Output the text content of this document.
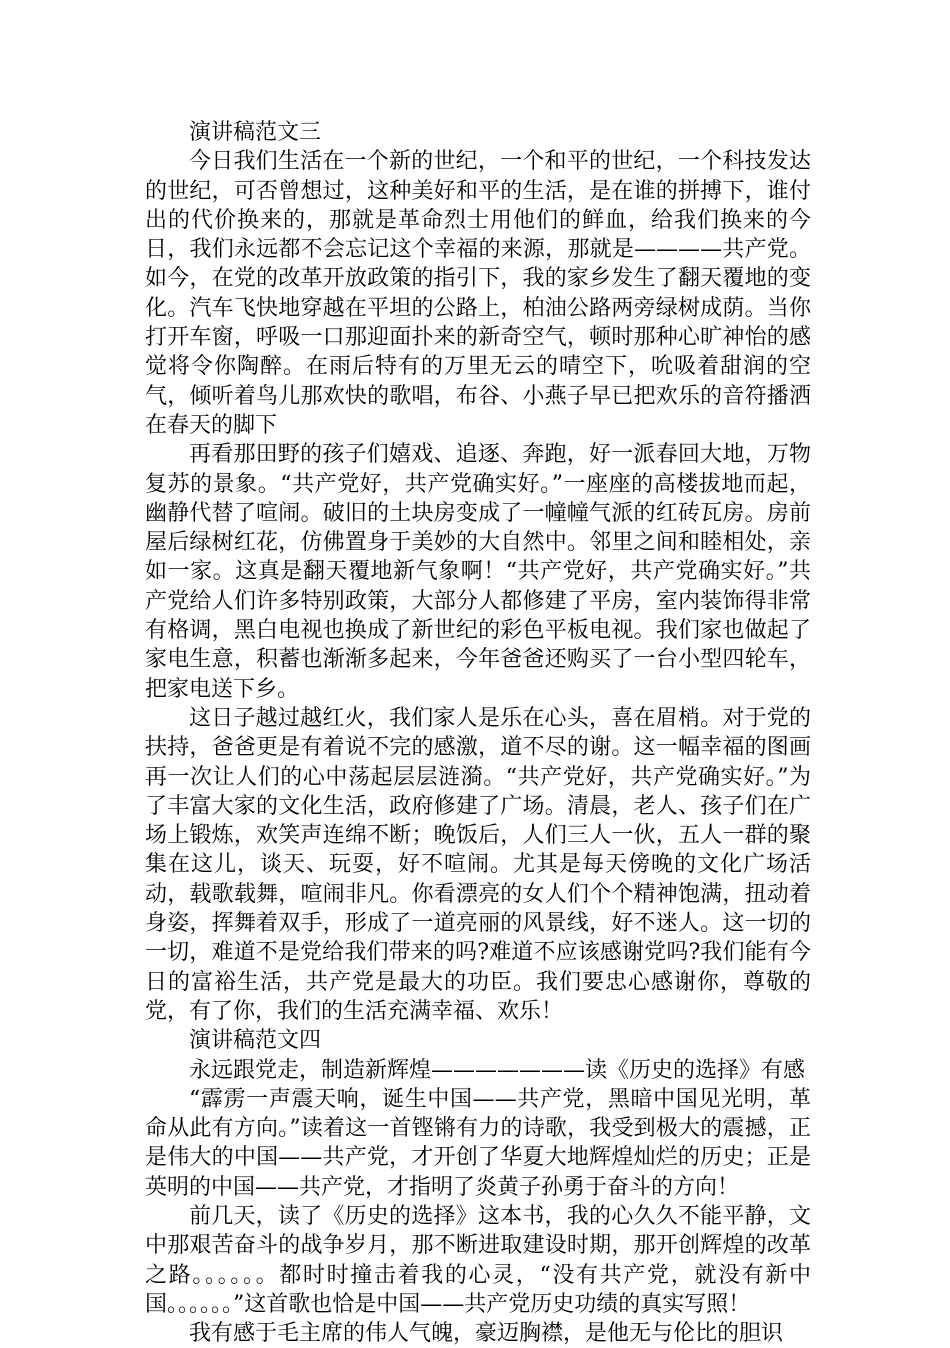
演讲稿范文三

今日我们生活在一个新的世纪，一个和平的世纪，一个科技发达的世纪，可否曾想过，这种美好和平的生活，是在谁的拼搏下，谁付出的代价换来的，那就是革命烈士用他们的鲜血，给我们换来的今日，我们永远都不会忘记这个幸福的来源，那就是————共产党。如今，在党的改革开放政策的指引下，我的家乡发生了翻天覆地的变化。汽车飞快地穿越在平坦的公路上，柏油公路两旁绿树成荫。当你打开车窗，呼吸一口那迎面扑来的新奇空气，顿时那种心旷神怡的感觉将令你陶醉。在雨后特有的万里无云的晴空下，吮吸着甜润的空气，倾听着鸟儿那欢快的歌唱，布谷、小燕子早已把欢乐的音符播洒在春天的脚下

再看那田野的孩子们嬉戏、追逐、奔跑，好一派春回大地，万物复苏的景象。“共产党好，共产党确实好。”一座座的高楼拔地而起，幽静代替了喧闹。破旧的土块房变成了一幢幢气派的红砖瓦房。房前屋后绿树红花，仿佛置身于美妙的大自然中。邻里之间和睦相处，亲如一家。这真是翻天覆地新气象啊！“共产党好，共产党确实好。”共产党给人们许多特别政策，大部分人都修建了平房，室内装饰得非常有格调，黑白电视也换成了新世纪的彩色平板电视。我们家也做起了家电生意，积蓄也渐渐多起来，今年爸爸还购买了一台小型四轮车，把家电送下乡。

这日子越过越红火，我们家人是乐在心头，喜在眉梢。对于党的扶持，爸爸更是有着说不完的感激，道不尽的谢。这一幅幸福的图画再一次让人们的心中荡起层层涟漪。“共产党好，共产党确实好。”为了丰富大家的文化生活，政府修建了广场。清晨，老人、孩子们在广场上锻炼，欢笑声连绵不断；晚饭后，人们三人一伙，五人一群的聚集在这儿，谈天、玩耍，好不喧闹。尤其是每天傍晚的文化广场活动，载歌载舞，喧闹非凡。你看漂亮的女人们个个精神饱满，扭动着身姿，挥舞着双手，形成了一道亮丽的风景线，好不迷人。这一切的一切，难道不是党给我们带来的吗?难道不应该感谢党吗?我们能有今日的富裕生活，共产党是最大的功臣。我们要忠心感谢你，尊敬的党，有了你，我们的生活充满幸福、欢乐！

演讲稿范文四

永远跟党走，制造新辉煌———————读《历史的选择》有感

“霹雳一声震天响，诞生中国——共产党，黑暗中国见光明，革命从此有方向。”读着这一首铿锵有力的诗歌，我受到极大的震撼，正是伟大的中国——共产党，才开创了华夏大地辉煌灿烂的历史；正是英明的中国——共产党，才指明了炎黄子孙勇于奋斗的方向！

前几天，读了《历史的选择》这本书，我的心久久不能平静，文中那艰苦奋斗的战争岁月，那不断进取建设时期，那开创辉煌的改革之路。。。。。。都时时撞击着我的心灵，“没有共产党，就没有新中国。。。。。。”这首歌也恰是中国——共产党历史功绩的真实写照！

我有感于毛主席的伟人气魄，豪迈胸襟，是他无与伦比的胆识
